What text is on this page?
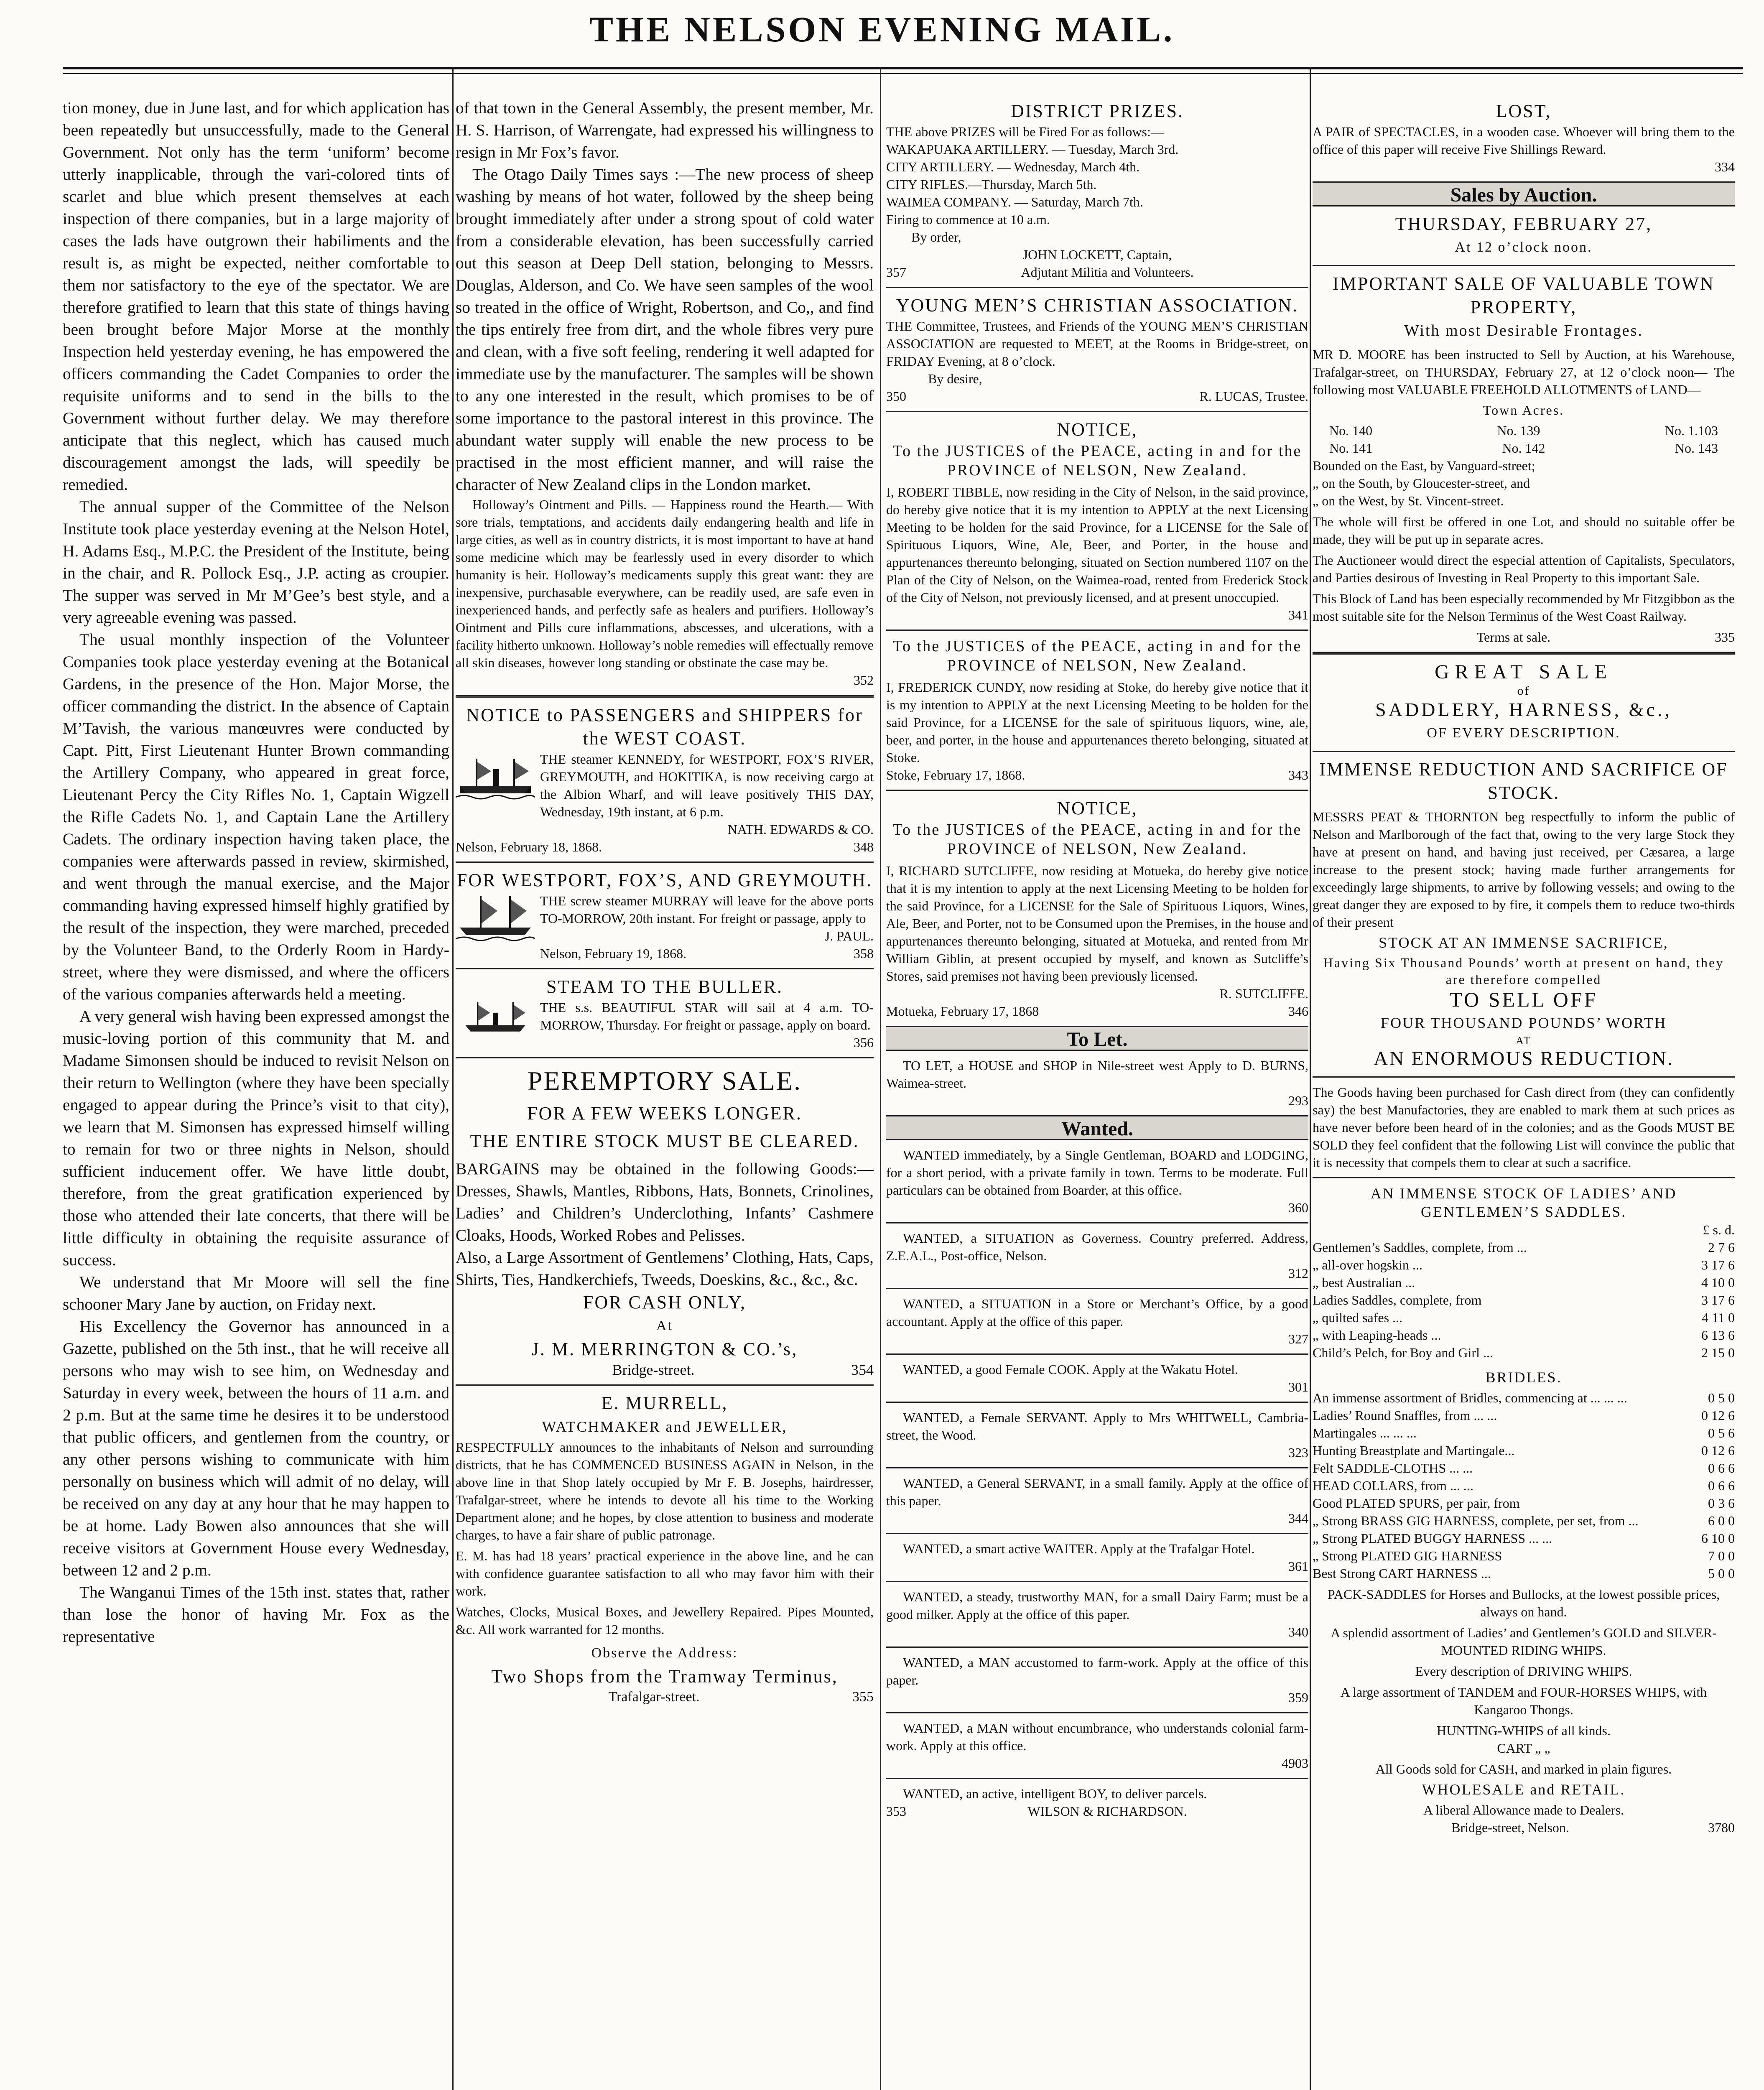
THE NELSON EVENING MAIL.

tion money, due in June last, and for which application has been repeatedly but unsuccessfully, made to the General Government. Not only has the term ‘uniform’ become utterly inapplicable, through the vari-colored tints of scarlet and blue which present themselves at each inspection of there companies, but in a large majority of cases the lads have outgrown their habiliments and the result is, as might be expected, neither comfortable to them nor satisfactory to the eye of the spectator. We are therefore gratified to learn that this state of things having been brought before Major Morse at the monthly Inspection held yesterday evening, he has empowered the officers commanding the Cadet Companies to order the requisite uniforms and to send in the bills to the Government without further delay. We may therefore anticipate that this neglect, which has caused much discouragement amongst the lads, will speedily be remedied.

The annual supper of the Committee of the Nelson Institute took place yesterday evening at the Nelson Hotel, H. Adams Esq., M.P.C. the President of the Institute, being in the chair, and R. Pollock Esq., J.P. acting as croupier. The supper was served in Mr M’Gee’s best style, and a very agreeable evening was passed.

The usual monthly inspection of the Volunteer Companies took place yesterday evening at the Botanical Gardens, in the presence of the Hon. Major Morse, the officer commanding the district. In the absence of Captain M’Tavish, the various manœuvres were conducted by Capt. Pitt, First Lieutenant Hunter Brown commanding the Artillery Company, who appeared in great force, Lieutenant Percy the City Rifles No. 1, Captain Wigzell the Rifle Cadets No. 1, and Captain Lane the Artillery Cadets. The ordinary inspection having taken place, the companies were afterwards passed in review, skirmished, and went through the manual exercise, and the Major commanding having expressed himself highly gratified by the result of the inspection, they were marched, preceded by the Volunteer Band, to the Orderly Room in Hardy-street, where they were dismissed, and where the officers of the various companies afterwards held a meeting.

A very general wish having been expressed amongst the music-loving portion of this community that M. and Madame Simonsen should be induced to revisit Nelson on their return to Wellington (where they have been specially engaged to appear during the Prince’s visit to that city), we learn that M. Simonsen has expressed himself willing to remain for two or three nights in Nelson, should sufficient inducement offer. We have little doubt, therefore, from the great gratification experienced by those who attended their late concerts, that there will be little difficulty in obtaining the requisite assurance of success.

We understand that Mr Moore will sell the fine schooner Mary Jane by auction, on Friday next.

His Excellency the Governor has announced in a Gazette, published on the 5th inst., that he will receive all persons who may wish to see him, on Wednesday and Saturday in every week, between the hours of 11 a.m. and 2 p.m. But at the same time he desires it to be understood that public officers, and gentlemen from the country, or any other persons wishing to communicate with him personally on business which will admit of no delay, will be received on any day at any hour that he may happen to be at home. Lady Bowen also announces that she will receive visitors at Government House every Wednesday, between 12 and 2 p.m.

The Wanganui Times of the 15th inst. states that, rather than lose the honor of having Mr. Fox as the representative

of that town in the General Assembly, the present member, Mr. H. S. Harrison, of Warrengate, had expressed his willingness to resign in Mr Fox’s favor.

The Otago Daily Times says :—The new process of sheep washing by means of hot water, followed by the sheep being brought immediately after under a strong spout of cold water from a considerable elevation, has been successfully carried out this season at Deep Dell station, belonging to Messrs. Douglas, Alderson, and Co. We have seen samples of the wool so treated in the office of Wright, Robertson, and Co,, and find the tips entirely free from dirt, and the whole fibres very pure and clean, with a five soft feeling, rendering it well adapted for immediate use by the manufacturer. The samples will be shown to any one interested in the result, which promises to be of some importance to the pastoral interest in this province. The abundant water supply will enable the new process to be practised in the most efficient manner, and will raise the character of New Zealand clips in the London market.

Holloway’s Ointment and Pills. — Happiness round the Hearth.— With sore trials, temptations, and accidents daily endangering health and life in large cities, as well as in country districts, it is most important to have at hand some medicine which may be fearlessly used in every disorder to which humanity is heir. Holloway’s medicaments supply this great want: they are inexpensive, purchasable everywhere, can be readily used, are safe even in inexperienced hands, and perfectly safe as healers and purifiers. Holloway’s Ointment and Pills cure inflammations, abscesses, and ulcerations, with a facility hitherto unknown. Holloway’s noble remedies will effectually remove all skin diseases, however long standing or obstinate the case may be.

352
NOTICE to PASSENGERS and SHIPPERS for the WEST COAST.

THE steamer KENNEDY, for WESTPORT, FOX’S RIVER, GREYMOUTH, and HOKITIKA, is now receiving cargo at the Albion Wharf, and will leave positively THIS DAY, Wednesday, 19th instant, at 6 p.m.

NATH. EDWARDS & CO.
Nelson, February 18, 1868.	348
FOR WESTPORT, FOX’S, AND GREYMOUTH.

THE screw steamer MURRAY will leave for the above ports TO-MORROW, 20th instant. For freight or passage, apply to

J. PAUL.
Nelson, February 19, 1868.	358
STEAM TO THE BULLER.

THE s.s. BEAUTIFUL STAR will sail at 4 a.m. TO-MORROW, Thursday. For freight or passage, apply on board.

356
PEREMPTORY SALE.
FOR A FEW WEEKS LONGER.
THE ENTIRE STOCK MUST BE CLEARED.

BARGAINS may be obtained in the following Goods:— Dresses, Shawls, Mantles, Ribbons, Hats, Bonnets, Crinolines, Ladies’ and Children’s Underclothing, Infants’ Cashmere Cloaks, Hoods, Worked Robes and Pelisses.

Also, a Large Assortment of Gentlemens’ Clothing, Hats, Caps, Shirts, Ties, Handkerchiefs, Tweeds, Doeskins, &c., &c., &c.

FOR CASH ONLY,
At
J. M. MERRINGTON & CO.’s,
Bridge-street.	354
E. MURRELL,
WATCHMAKER and JEWELLER,

RESPECTFULLY announces to the inhabitants of Nelson and surrounding districts, that he has COMMENCED BUSINESS AGAIN in Nelson, in the above line in that Shop lately occupied by Mr F. B. Josephs, hairdresser, Trafalgar-street, where he intends to devote all his time to the Working Department alone; and he hopes, by close attention to business and moderate charges, to have a fair share of public patronage.

E. M. has had 18 years’ practical experience in the above line, and he can with confidence guarantee satisfaction to all who may favor him with their work.

Watches, Clocks, Musical Boxes, and Jewellery Repaired. Pipes Mounted, &c. All work warranted for 12 months.

Observe the Address:
Two Shops from the Tramway Terminus,
Trafalgar-street.	355
DISTRICT PRIZES.

THE above PRIZES will be Fired For as follows:—

WAKAPUAKA ARTILLERY. — Tuesday, March 3rd.

CITY ARTILLERY. — Wednesday, March 4th.

CITY RIFLES.—Thursday, March 5th.

WAIMEA COMPANY. — Saturday, March 7th.

Firing to commence at 10 a.m.

By order,

JOHN LOCKETT, Captain,
357	Adjutant Militia and Volunteers.
YOUNG MEN’S CHRISTIAN ASSOCIATION.

THE Committee, Trustees, and Friends of the YOUNG MEN’S CHRISTIAN ASSOCIATION are requested to MEET, at the Rooms in Bridge-street, on FRIDAY Evening, at 8 o’clock.

By desire,

350	R. LUCAS, Trustee.
NOTICE,
To the JUSTICES of the PEACE, acting in and for the PROVINCE of NELSON, New Zealand.

I, ROBERT TIBBLE, now residing in the City of Nelson, in the said province, do hereby give notice that it is my intention to APPLY at the next Licensing Meeting to be holden for the said Province, for a LICENSE for the Sale of Spirituous Liquors, Wine, Ale, Beer, and Porter, in the house and appurtenances thereunto belonging, situated on Section numbered 1107 on the Plan of the City of Nelson, on the Waimea-road, rented from Frederick Stock of the City of Nelson, not previously licensed, and at present unoccupied.

341
To the JUSTICES of the PEACE, acting in and for the PROVINCE of NELSON, New Zealand.

I, FREDERICK CUNDY, now residing at Stoke, do hereby give notice that it is my intention to APPLY at the next Licensing Meeting to be holden for the said Province, for a LICENSE for the sale of spirituous liquors, wine, ale, beer, and porter, in the house and appurtenances thereto belonging, situated at Stoke.

Stoke, February 17, 1868.	343
NOTICE,
To the JUSTICES of the PEACE, acting in and for the PROVINCE of NELSON, New Zealand.

I, RICHARD SUTCLIFFE, now residing at Motueka, do hereby give notice that it is my intention to apply at the next Licensing Meeting to be holden for the said Province, for a LICENSE for the Sale of Spirituous Liquors, Wines, Ale, Beer, and Porter, not to be Consumed upon the Premises, in the house and appurtenances thereunto belonging, situated at Motueka, and rented from Mr William Giblin, at present occupied by myself, and known as Sutcliffe’s Stores, said premises not having been previously licensed.

R. SUTCLIFFE.
Motueka, February 17, 1868	346
To Let.

TO LET, a HOUSE and SHOP in Nile-street west Apply to D. BURNS, Waimea-street.

293
Wanted.

WANTED immediately, by a Single Gentleman, BOARD and LODGING, for a short period, with a private family in town. Terms to be moderate. Full particulars can be obtained from Boarder, at this office.

360

WANTED, a SITUATION as Governess. Country preferred. Address, Z.E.A.L., Post-office, Nelson.

312

WANTED, a SITUATION in a Store or Merchant’s Office, by a good accountant. Apply at the office of this paper.

327

WANTED, a good Female COOK. Apply at the Wakatu Hotel.

301

WANTED, a Female SERVANT. Apply to Mrs WHITWELL, Cambria-street, the Wood.

323

WANTED, a General SERVANT, in a small family. Apply at the office of this paper.

344

WANTED, a smart active WAITER. Apply at the Trafalgar Hotel.

361

WANTED, a steady, trustworthy MAN, for a small Dairy Farm; must be a good milker. Apply at the office of this paper.

340

WANTED, a MAN accustomed to farm-work. Apply at the office of this paper.

359

WANTED, a MAN without encumbrance, who understands colonial farm-work. Apply at this office.

4903

WANTED, an active, intelligent BOY, to deliver parcels.

353	WILSON & RICHARDSON.
LOST,

A PAIR of SPECTACLES, in a wooden case. Whoever will bring them to the office of this paper will receive Five Shillings Reward.

334
Sales by Auction.
THURSDAY, FEBRUARY 27,
At 12 o’clock noon.
IMPORTANT SALE OF VALUABLE TOWN PROPERTY,
With most Desirable Frontages.

MR D. MOORE has been instructed to Sell by Auction, at his Warehouse, Trafalgar-street, on THURSDAY, February 27, at 12 o’clock noon— The following most VALUABLE FREEHOLD ALLOTMENTS of LAND—

Town Acres.
No. 140	No. 139	No. 1.103
No. 141	No. 142	No. 143

Bounded on the East, by Vanguard-street;

„ on the South, by Gloucester-street, and

„ on the West, by St. Vincent-street.

The whole will first be offered in one Lot, and should no suitable offer be made, they will be put up in separate acres.

The Auctioneer would direct the especial attention of Capitalists, Speculators, and Parties desirous of Investing in Real Property to this important Sale.

This Block of Land has been especially recommended by Mr Fitzgibbon as the most suitable site for the Nelson Terminus of the West Coast Railway.

Terms at sale.	335
GREAT SALE
of
SADDLERY, HARNESS, &c.,
OF EVERY DESCRIPTION.
IMMENSE REDUCTION AND SACRIFICE OF STOCK.

MESSRS PEAT & THORNTON beg respectfully to inform the public of Nelson and Marlborough of the fact that, owing to the very large Stock they have at present on hand, and having just received, per Cæsarea, a large increase to the present stock; having made further arrangements for exceedingly large shipments, to arrive by following vessels; and owing to the great danger they are exposed to by fire, it compels them to reduce two-thirds of their present

STOCK AT AN IMMENSE SACRIFICE,
Having Six Thousand Pounds’ worth at present on hand, they are therefore compelled
TO SELL OFF
FOUR THOUSAND POUNDS’ WORTH
AT
AN ENORMOUS REDUCTION.

The Goods having been purchased for Cash direct from (they can confidently say) the best Manufactories, they are enabled to mark them at such prices as have never before been heard of in the colonies; and as the Goods MUST BE SOLD they feel confident that the following List will convince the public that it is necessity that compels them to clear at such a sacrifice.

AN IMMENSE STOCK OF LADIES’ AND GENTLEMEN’S SADDLES.
£ s. d.
Gentlemen’s Saddles, complete, from ...	2 7 6
„ all-over hogskin ...	3 17 6
„ best Australian ...	4 10 0
Ladies Saddles, complete, from	3 17 6
„ quilted safes ...	4 11 0
„ with Leaping-heads ...	6 13 6
Child’s Pelch, for Boy and Girl ...	2 15 0
BRIDLES.
An immense assortment of Bridles, commencing at ... ... ...	0 5 0
Ladies’ Round Snaffles, from ... ...	0 12 6
Martingales ... ... ...	0 5 6
Hunting Breastplate and Martingale...	0 12 6
Felt SADDLE-CLOTHS ... ...	0 6 6
HEAD COLLARS, from ... ...	0 6 6
Good PLATED SPURS, per pair, from	0 3 6
„ Strong BRASS GIG HARNESS, complete, per set, from ...	6 0 0
„ Strong PLATED BUGGY HARNESS ... ...	6 10 0
„ Strong PLATED GIG HARNESS	7 0 0
Best Strong CART HARNESS ...	5 0 0

PACK-SADDLES for Horses and Bullocks, at the lowest possible prices, always on hand.

A splendid assortment of Ladies’ and Gentlemen’s GOLD and SILVER-MOUNTED RIDING WHIPS.

Every description of DRIVING WHIPS.

A large assortment of TANDEM and FOUR-HORSES WHIPS, with Kangaroo Thongs.

HUNTING-WHIPS of all kinds.

CART „ „

All Goods sold for CASH, and marked in plain figures.

WHOLESALE and RETAIL.

A liberal Allowance made to Dealers.

Bridge-street, Nelson.	3780
